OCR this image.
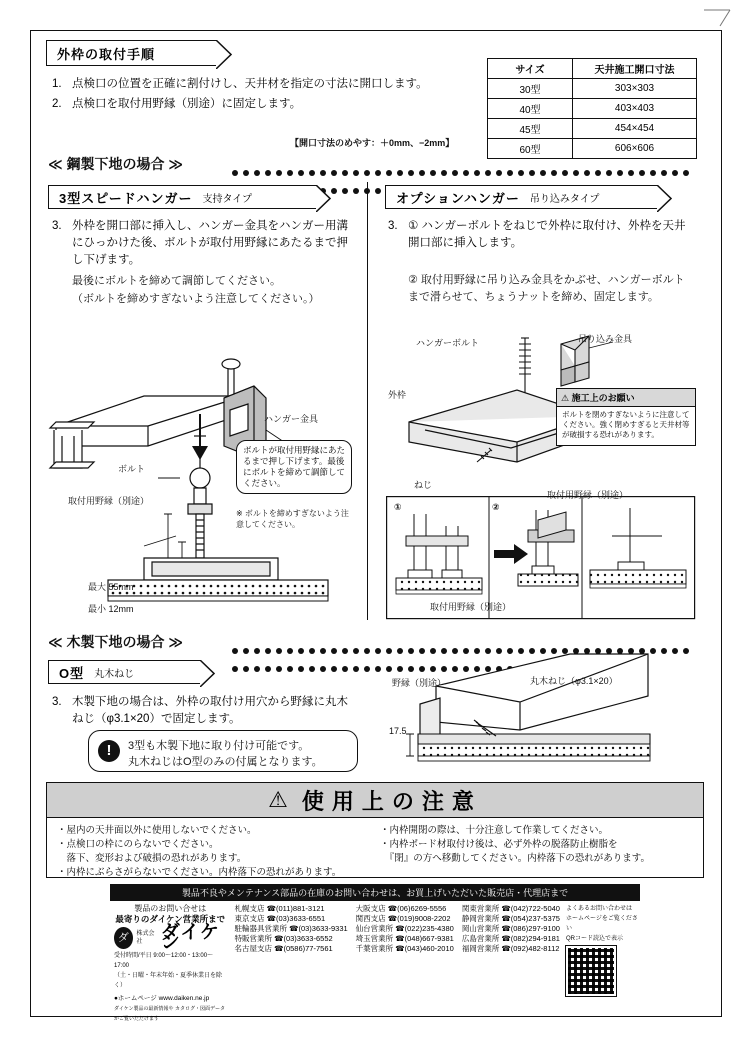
外枠の取付手順
1. 点検口の位置を正確に割付けし、天井材を指定の寸法に開口します。
2. 点検口を取付用野縁（別途）に固定します。
【開口寸法のめやす：＋0mm、−2mm】
サイズ	天井施工開口寸法
30型	303×303
40型	403×403
45型	454×454
60型	606×606
≪ 鋼製下地の場合 ≫
3型スピードハンガー	支持タイプ
3. 外枠を開口部に挿入し、ハンガー金具をハンガー用溝にひっかけた後、ボルトが取付用野縁にあたるまで押し下げます。
最後にボルトを締めて調節してください。
（ボルトを締めすぎないよう注意してください。）
ハンガー金具
ボルト
取付用野縁（別途）
最大 55mm
最小 12mm
ボルトが取付用野縁にあたるまで押し下げます。最後にボルトを締めて調節してください。
※ ボルトを締めすぎないよう注意してください。
オプションハンガー	吊り込みタイプ
3. ① ハンガーボルトをねじで外枠に取付け、外枠を天井開口部に挿入します。
② 取付用野縁に吊り込み金具をかぶせ、ハンガーボルトまで滑らせて、ちょうナットを締め、固定します。
ハンガーボルト	吊り込み金具
外枠
ねじ
⚠ 施工上のお願い
ボルトを閉めすぎないように注意してください。強く閉めすぎると天井材等が破損する恐れがあります。
①	②
取付用野縁（別途）
取付用野縁（別途）
≪ 木製下地の場合 ≫
O型	丸木ねじ
3. 木製下地の場合は、外枠の取付け用穴から野縁に丸木ねじ（φ3.1×20）で固定します。
!	3型も木製下地に取り付け可能です。
丸木ねじはO型のみの付属となります。
野縁（別途）	丸木ねじ（φ3.1×20）
17.5
⚠ 使用上の注意
・屋内の天井面以外に使用しないでください。
・点検口の枠にのらないでください。
　落下、変形および破損の恐れがあります。
・内枠にぶらさがらないでください。内枠落下の恐れがあります。
・内枠開閉の際は、十分注意して作業してください。
・内枠ボード材取付け後は、必ず外枠の脱落防止樹脂を
　『閉』の方へ移動してください。内枠落下の恐れがあります。
製品不良やメンテナンス部品の在庫のお問い合わせは、お買上げいただいた販売店・代理店まで
製品のお問い合せは
最寄りのダイケン営業所まで
ダ	株式会社 ダイケン
受付時間/平日 9:00～12:00・13:00～17:00
（土・日曜・年末年始・夏季休業日を除く）
●ホームページ www.daiken.ne.jp
ダイケン製品の最新情報や カタログ・図面データがご覧いただけます
札幌支店 ☎(011)881-3121
東京支店 ☎(03)3633-6551
駐輪器具営業所 ☎(03)3633-9331
特販営業所 ☎(03)3633-6552
名古屋支店 ☎(0586)77-7561
大阪支店 ☎(06)6269-5556
関西支店 ☎(019)9008-2202
仙台営業所 ☎(022)235-4380
埼玉営業所 ☎(048)667-9381
千葉営業所 ☎(043)460-2010
関東営業所 ☎(042)722-5040
静岡営業所 ☎(054)237-5375
岡山営業所 ☎(086)297-9100
広島営業所 ☎(082)294-9181
福岡営業所 ☎(092)482-8112
よくあるお問い合わせは
ホームページをご覧ください
QRコード読込で表示
